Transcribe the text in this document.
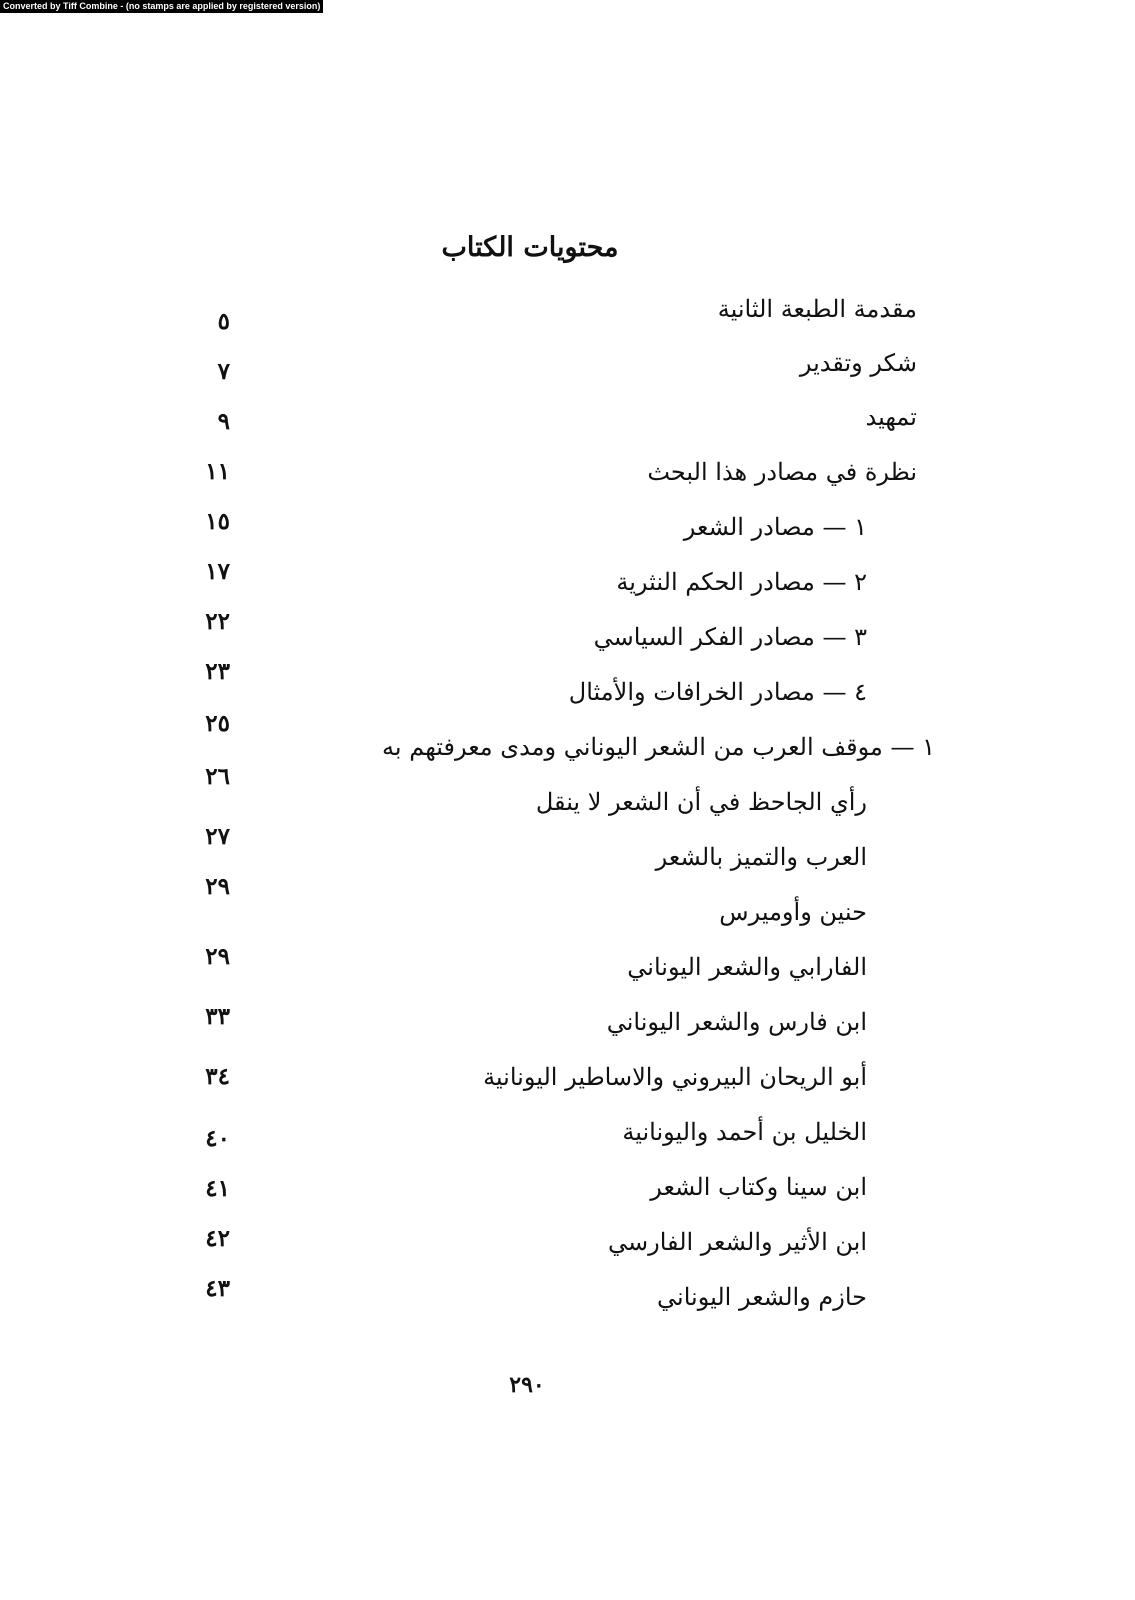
Converted by Tiff Combine - (no stamps are applied by registered version)
محتويات الكتاب
مقدمة الطبعة الثانية
٥
شكر وتقدير
٧
تمهيد
٩
نظرة في مصادر هذا البحث
١١
١ — مصادر الشعر
١٥
٢ — مصادر الحكم النثرية
١٧
٣ — مصادر الفكر السياسي
٢٢
٤ — مصادر الخرافات والأمثال
٢٣
١ — موقف العرب من الشعر اليوناني ومدى معرفتهم به
٢٥
رأي الجاحظ في أن الشعر لا ينقل
٢٦
العرب والتميز بالشعر
٢٧
حنين وأوميرس
٢٩
الفارابي والشعر اليوناني
٢٩
ابن فارس والشعر اليوناني
٣٣
أبو الريحان البيروني والاساطير اليونانية
٣٤
الخليل بن أحمد واليونانية
٤٠
ابن سينا وكتاب الشعر
٤١
ابن الأثير والشعر الفارسي
٤٢
حازم والشعر اليوناني
٤٣
٢٩٠
